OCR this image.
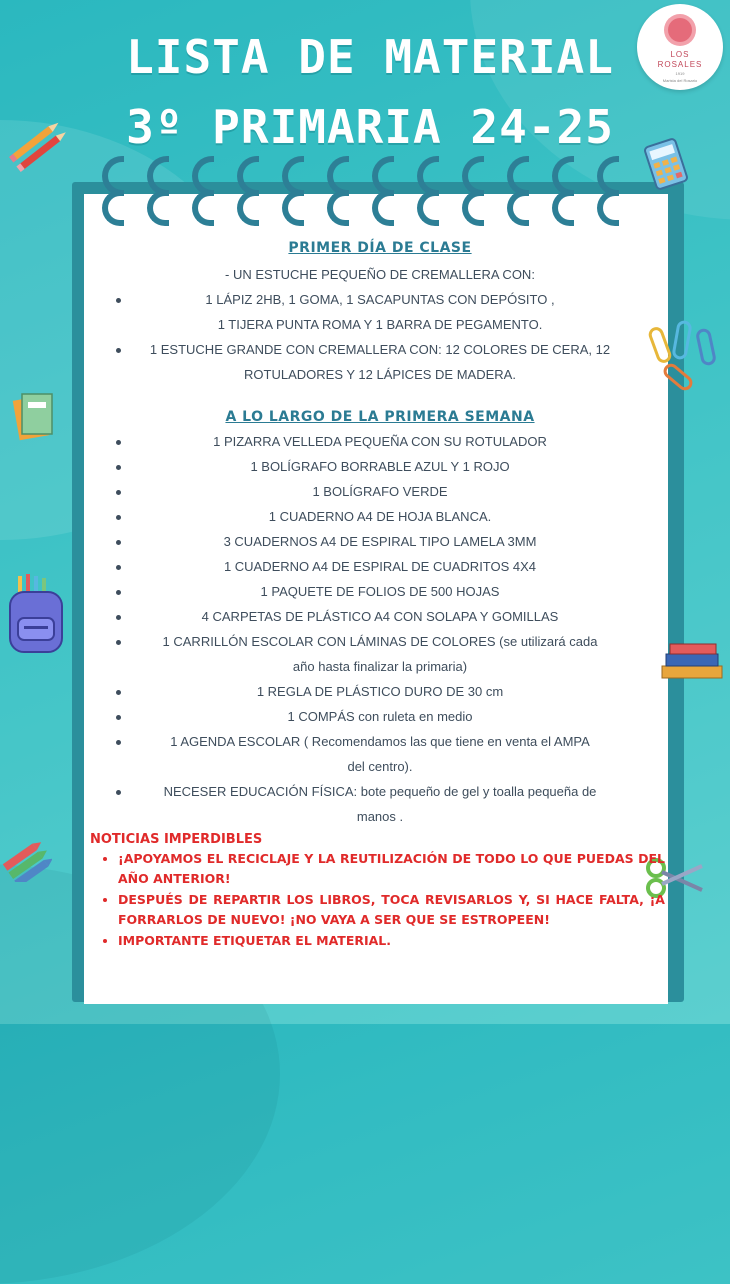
LISTA DE MATERIAL
3º PRIMARIA 24-25
LOS
ROSALES
1919
Marista del Rosario
PRIMER DÍA DE CLASE
- UN ESTUCHE PEQUEÑO DE CREMALLERA CON:
1 LÁPIZ 2HB, 1 GOMA, 1 SACAPUNTAS CON DEPÓSITO ,
1 TIJERA PUNTA ROMA Y 1 BARRA DE PEGAMENTO.
1 ESTUCHE GRANDE CON CREMALLERA CON: 12 COLORES DE CERA, 12
ROTULADORES Y 12 LÁPICES DE MADERA.
A LO LARGO DE LA PRIMERA SEMANA
1 PIZARRA VELLEDA PEQUEÑA CON SU ROTULADOR
1 BOLÍGRAFO BORRABLE AZUL Y 1 ROJO
1 BOLÍGRAFO VERDE
1 CUADERNO A4 DE HOJA BLANCA.
3 CUADERNOS A4 DE ESPIRAL TIPO LAMELA 3MM
1 CUADERNO A4 DE ESPIRAL DE CUADRITOS 4X4
1 PAQUETE DE FOLIOS DE 500 HOJAS
4 CARPETAS DE PLÁSTICO A4 CON SOLAPA Y GOMILLAS
1 CARRILLÓN ESCOLAR CON LÁMINAS DE COLORES (se utilizará cada
año hasta finalizar la primaria)
1 REGLA DE PLÁSTICO DURO DE 30 cm
1 COMPÁS con ruleta en medio
1 AGENDA ESCOLAR ( Recomendamos las que tiene en venta el AMPA
del centro).
NECESER EDUCACIÓN FÍSICA: bote pequeño de gel y toalla pequeña de
manos .
NOTICIAS IMPERDIBLES
• ¡APOYAMOS EL RECICLAJE Y LA REUTILIZACIÓN DE TODO LO QUE PUEDAS DEL AÑO ANTERIOR!
• DESPUÉS DE REPARTIR LOS LIBROS, TOCA REVISARLOS Y, SI HACE FALTA, ¡A FORRARLOS DE NUEVO! ¡NO VAYA A SER QUE SE ESTROPEEN!
• IMPORTANTE ETIQUETAR EL MATERIAL.
